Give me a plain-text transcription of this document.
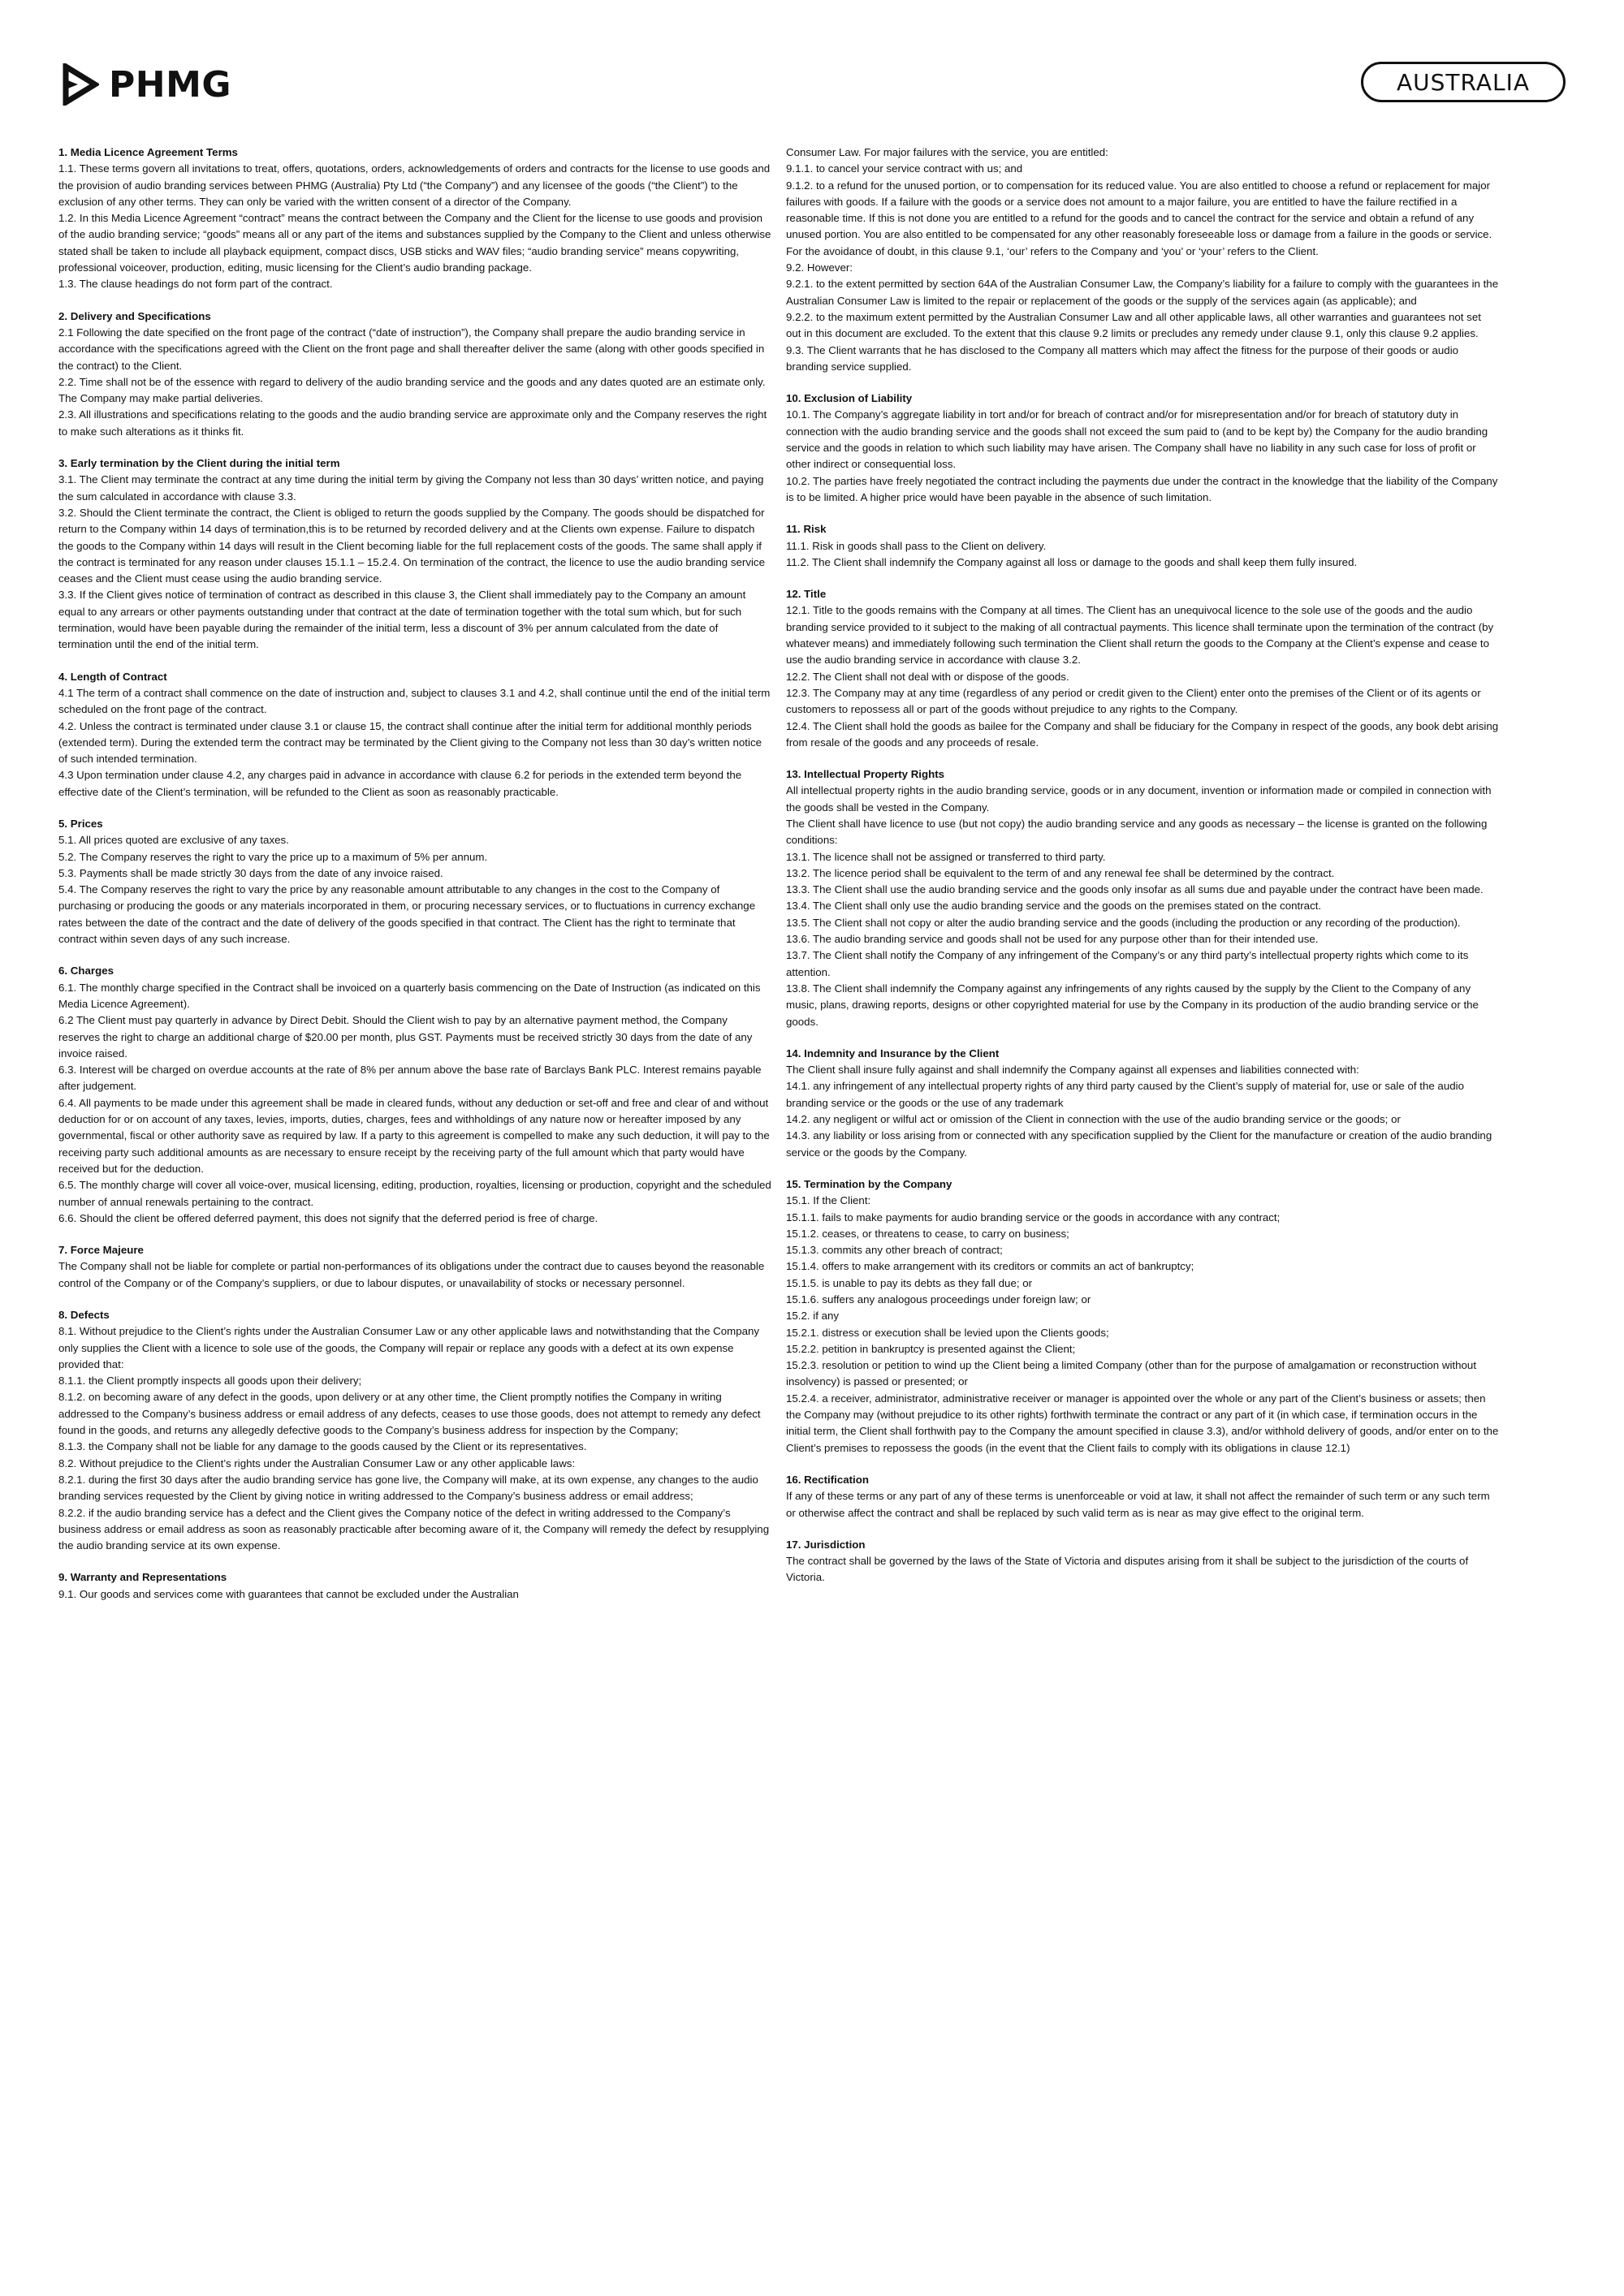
PHMG	AUSTRALIA
1. Media Licence Agreement Terms
1.1. These terms govern all invitations to treat, offers, quotations, orders, acknowledgements of orders and contracts for the license to use goods and the provision of audio branding services between PHMG (Australia) Pty Ltd (“the Company”) and any licensee of the goods (“the Client”) to the exclusion of any other terms. They can only be varied with the written consent of a director of the Company.
1.2. In this Media Licence Agreement “contract” means the contract between the Company and the Client for the license to use goods and provision of the audio branding service; “goods” means all or any part of the items and substances supplied by the Company to the Client and unless otherwise stated shall be taken to include all playback equipment, compact discs, USB sticks and WAV files; “audio branding service” means copywriting, professional voiceover, production, editing, music licensing for the Client’s audio branding package.
1.3. The clause headings do not form part of the contract.
2. Delivery and Specifications
2.1 Following the date specified on the front page of the contract (“date of instruction”), the Company shall prepare the audio branding service in accordance with the specifications agreed with the Client on the front page and shall thereafter deliver the same (along with other goods specified in the contract) to the Client.
2.2. Time shall not be of the essence with regard to delivery of the audio branding service and the goods and any dates quoted are an estimate only. The Company may make partial deliveries.
2.3. All illustrations and specifications relating to the goods and the audio branding service are approximate only and the Company reserves the right to make such alterations as it thinks fit.
3. Early termination by the Client during the initial term
3.1. The Client may terminate the contract at any time during the initial term by giving the Company not less than 30 days’ written notice, and paying the sum calculated in accordance with clause 3.3.
3.2. Should the Client terminate the contract, the Client is obliged to return the goods supplied by the Company. The goods should be dispatched for return to the Company within 14 days of termination,this is to be returned by recorded delivery and at the Clients own expense. Failure to dispatch the goods to the Company within 14 days will result in the Client becoming liable for the full replacement costs of the goods. The same shall apply if the contract is terminated for any reason under clauses 15.1.1 – 15.2.4. On termination of the contract, the licence to use the audio branding service ceases and the Client must cease using the audio branding service.
3.3. If the Client gives notice of termination of contract as described in this clause 3, the Client shall immediately pay to the Company an amount equal to any arrears or other payments outstanding under that contract at the date of termination together with the total sum which, but for such termination, would have been payable during the remainder of the initial term, less a discount of 3% per annum calculated from the date of termination until the end of the initial term.
4. Length of Contract
4.1 The term of a contract shall commence on the date of instruction and, subject to clauses 3.1 and 4.2, shall continue until the end of the initial term scheduled on the front page of the contract.
4.2. Unless the contract is terminated under clause 3.1 or clause 15, the contract shall continue after the initial term for additional monthly periods (extended term). During the extended term the contract may be terminated by the Client giving to the Company not less than 30 day’s written notice of such intended termination.
4.3 Upon termination under clause 4.2, any charges paid in advance in accordance with clause 6.2 for periods in the extended term beyond the effective date of the Client’s termination, will be refunded to the Client as soon as reasonably practicable.
5. Prices
5.1. All prices quoted are exclusive of any taxes.
5.2. The Company reserves the right to vary the price up to a maximum of 5% per annum.
5.3. Payments shall be made strictly 30 days from the date of any invoice raised.
5.4. The Company reserves the right to vary the price by any reasonable amount attributable to any changes in the cost to the Company of purchasing or producing the goods or any materials incorporated in them, or procuring necessary services, or to fluctuations in currency exchange rates between the date of the contract and the date of delivery of the goods specified in that contract. The Client has the right to terminate that contract within seven days of any such increase.
6. Charges
6.1. The monthly charge specified in the Contract shall be invoiced on a quarterly basis commencing on the Date of Instruction (as indicated on this Media Licence Agreement).
6.2 The Client must pay quarterly in advance by Direct Debit. Should the Client wish to pay by an alternative payment method, the Company reserves the right to charge an additional charge of $20.00 per month, plus GST. Payments must be received strictly 30 days from the date of any invoice raised.
6.3. Interest will be charged on overdue accounts at the rate of 8% per annum above the base rate of Barclays Bank PLC. Interest remains payable after judgement.
6.4. All payments to be made under this agreement shall be made in cleared funds, without any deduction or set-off and free and clear of and without deduction for or on account of any taxes, levies, imports, duties, charges, fees and withholdings of any nature now or hereafter imposed by any governmental, fiscal or other authority save as required by law. If a party to this agreement is compelled to make any such deduction, it will pay to the receiving party such additional amounts as are necessary to ensure receipt by the receiving party of the full amount which that party would have received but for the deduction.
6.5. The monthly charge will cover all voice-over, musical licensing, editing, production, royalties, licensing or production, copyright and the scheduled number of annual renewals pertaining to the contract.
6.6. Should the client be offered deferred payment, this does not signify that the deferred period is free of charge.
7. Force Majeure
The Company shall not be liable for complete or partial non-performances of its obligations under the contract due to causes beyond the reasonable control of the Company or of the Company’s suppliers, or due to labour disputes, or unavailability of stocks or necessary personnel.
8. Defects
8.1. Without prejudice to the Client’s rights under the Australian Consumer Law or any other applicable laws and notwithstanding that the Company only supplies the Client with a licence to sole use of the goods, the Company will repair or replace any goods with a defect at its own expense provided that:
8.1.1. the Client promptly inspects all goods upon their delivery;
8.1.2. on becoming aware of any defect in the goods, upon delivery or at any other time, the Client promptly notifies the Company in writing addressed to the Company’s business address or email address of any defects, ceases to use those goods, does not attempt to remedy any defect found in the goods, and returns any allegedly defective goods to the Company’s business address for inspection by the Company;
8.1.3. the Company shall not be liable for any damage to the goods caused by the Client or its representatives.
8.2. Without prejudice to the Client’s rights under the Australian Consumer Law or any other applicable laws:
8.2.1. during the first 30 days after the audio branding service has gone live, the Company will make, at its own expense, any changes to the audio branding services requested by the Client by giving notice in writing addressed to the Company’s business address or email address;
8.2.2. if the audio branding service has a defect and the Client gives the Company notice of the defect in writing addressed to the Company’s business address or email address as soon as reasonably practicable after becoming aware of it, the Company will remedy the defect by resupplying the audio branding service at its own expense.
9. Warranty and Representations
9.1. Our goods and services come with guarantees that cannot be excluded under the Australian
Consumer Law. For major failures with the service, you are entitled:
9.1.1. to cancel your service contract with us; and
9.1.2. to a refund for the unused portion, or to compensation for its reduced value. You are also entitled to choose a refund or replacement for major failures with goods. If a failure with the goods or a service does not amount to a major failure, you are entitled to have the failure rectified in a reasonable time. If this is not done you are entitled to a refund for the goods and to cancel the contract for the service and obtain a refund of any unused portion. You are also entitled to be compensated for any other reasonably foreseeable loss or damage from a failure in the goods or service. For the avoidance of doubt, in this clause 9.1, ‘our’ refers to the Company and ‘you’ or ‘your’ refers to the Client.
9.2. However:
9.2.1. to the extent permitted by section 64A of the Australian Consumer Law, the Company’s liability for a failure to comply with the guarantees in the Australian Consumer Law is limited to the repair or replacement of the goods or the supply of the services again (as applicable); and
9.2.2. to the maximum extent permitted by the Australian Consumer Law and all other applicable laws, all other warranties and guarantees not set out in this document are excluded. To the extent that this clause 9.2 limits or precludes any remedy under clause 9.1, only this clause 9.2 applies.
9.3. The Client warrants that he has disclosed to the Company all matters which may affect the fitness for the purpose of their goods or audio branding service supplied.
10. Exclusion of Liability
10.1. The Company’s aggregate liability in tort and/or for breach of contract and/or for misrepresentation and/or for breach of statutory duty in connection with the audio branding service and the goods shall not exceed the sum paid to (and to be kept by) the Company for the audio branding service and the goods in relation to which such liability may have arisen. The Company shall have no liability in any such case for loss of profit or other indirect or consequential loss.
10.2. The parties have freely negotiated the contract including the payments due under the contract in the knowledge that the liability of the Company is to be limited. A higher price would have been payable in the absence of such limitation.
11. Risk
11.1. Risk in goods shall pass to the Client on delivery.
11.2. The Client shall indemnify the Company against all loss or damage to the goods and shall keep them fully insured.
12. Title
12.1. Title to the goods remains with the Company at all times. The Client has an unequivocal licence to the sole use of the goods and the audio branding service provided to it subject to the making of all contractual payments. This licence shall terminate upon the termination of the contract (by whatever means) and immediately following such termination the Client shall return the goods to the Company at the Client’s expense and cease to use the audio branding service in accordance with clause 3.2.
12.2. The Client shall not deal with or dispose of the goods.
12.3. The Company may at any time (regardless of any period or credit given to the Client) enter onto the premises of the Client or of its agents or customers to repossess all or part of the goods without prejudice to any rights to the Company.
12.4. The Client shall hold the goods as bailee for the Company and shall be fiduciary for the Company in respect of the goods, any book debt arising from resale of the goods and any proceeds of resale.
13. Intellectual Property Rights
All intellectual property rights in the audio branding service, goods or in any document, invention or information made or compiled in connection with the goods shall be vested in the Company.
The Client shall have licence to use (but not copy) the audio branding service and any goods as necessary – the license is granted on the following conditions:
13.1. The licence shall not be assigned or transferred to third party.
13.2. The licence period shall be equivalent to the term of and any renewal fee shall be determined by the contract.
13.3. The Client shall use the audio branding service and the goods only insofar as all sums due and payable under the contract have been made.
13.4. The Client shall only use the audio branding service and the goods on the premises stated on the contract.
13.5. The Client shall not copy or alter the audio branding service and the goods (including the production or any recording of the production).
13.6. The audio branding service and goods shall not be used for any purpose other than for their intended use.
13.7. The Client shall notify the Company of any infringement of the Company’s or any third party’s intellectual property rights which come to its attention.
13.8. The Client shall indemnify the Company against any infringements of any rights caused by the supply by the Client to the Company of any music, plans, drawing reports, designs or other copyrighted material for use by the Company in its production of the audio branding service or the goods.
14. Indemnity and Insurance by the Client
The Client shall insure fully against and shall indemnify the Company against all expenses and liabilities connected with:
14.1. any infringement of any intellectual property rights of any third party caused by the Client’s supply of material for, use or sale of the audio branding service or the goods or the use of any trademark
14.2. any negligent or wilful act or omission of the Client in connection with the use of the audio branding service or the goods; or
14.3. any liability or loss arising from or connected with any specification supplied by the Client for the manufacture or creation of the audio branding service or the goods by the Company.
15. Termination by the Company
15.1. If the Client:
15.1.1. fails to make payments for audio branding service or the goods in accordance with any contract;
15.1.2. ceases, or threatens to cease, to carry on business;
15.1.3. commits any other breach of contract;
15.1.4. offers to make arrangement with its creditors or commits an act of bankruptcy;
15.1.5. is unable to pay its debts as they fall due; or
15.1.6. suffers any analogous proceedings under foreign law; or
15.2. if any
15.2.1. distress or execution shall be levied upon the Clients goods;
15.2.2. petition in bankruptcy is presented against the Client;
15.2.3. resolution or petition to wind up the Client being a limited Company (other than for the purpose of amalgamation or reconstruction without insolvency) is passed or presented; or
15.2.4. a receiver, administrator, administrative receiver or manager is appointed over the whole or any part of the Client’s business or assets; then the Company may (without prejudice to its other rights) forthwith terminate the contract or any part of it (in which case, if termination occurs in the initial term, the Client shall forthwith pay to the Company the amount specified in clause 3.3), and/or withhold delivery of goods, and/or enter on to the Client’s premises to repossess the goods (in the event that the Client fails to comply with its obligations in clause 12.1)
16. Rectification
If any of these terms or any part of any of these terms is unenforceable or void at law, it shall not affect the remainder of such term or any such term or otherwise affect the contract and shall be replaced by such valid term as is near as may give effect to the original term.
17. Jurisdiction
The contract shall be governed by the laws of the State of Victoria and disputes arising from it shall be subject to the jurisdiction of the courts of Victoria.
